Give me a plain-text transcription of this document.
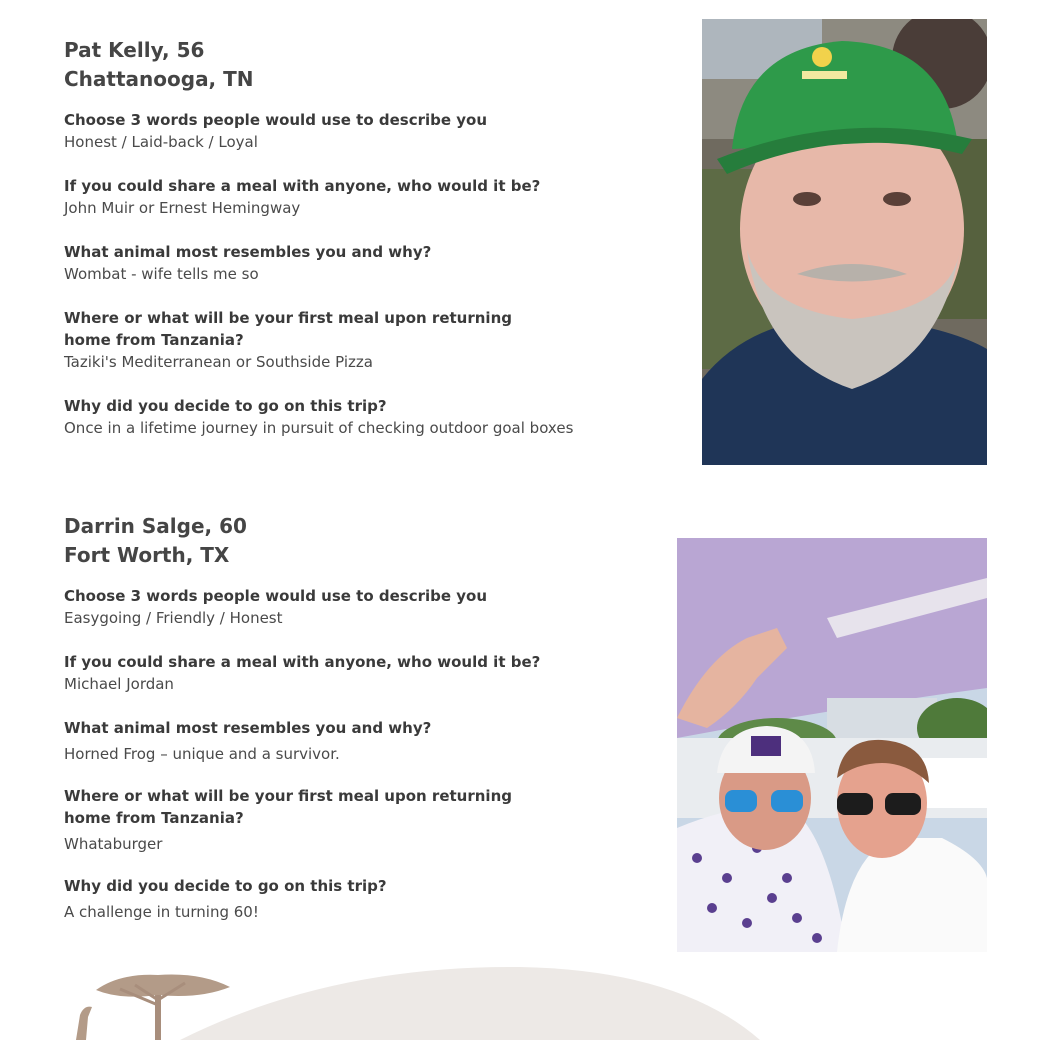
Pat Kelly, 56
Chattanooga, TN
Choose 3 words people would use to describe you
Honest / Laid-back / Loyal
If you could share a meal with anyone, who would it be?
John Muir or Ernest Hemingway
What animal most resembles you and why?
Wombat - wife tells me so
Where or what will be your first meal upon returning
home from Tanzania?
Taziki's Mediterranean or Southside Pizza
Why did you decide to go on this trip?
Once in a lifetime journey in pursuit of checking outdoor goal boxes
Darrin Salge, 60
Fort Worth, TX
Choose 3 words people would use to describe you
Easygoing / Friendly / Honest
If you could share a meal with anyone, who would it be?
Michael Jordan
What animal most resembles you and why?
Horned Frog – unique and a survivor.
Where or what will be your first meal upon returning
home from Tanzania?
Whataburger
Why did you decide to go on this trip?
A challenge in turning 60!
